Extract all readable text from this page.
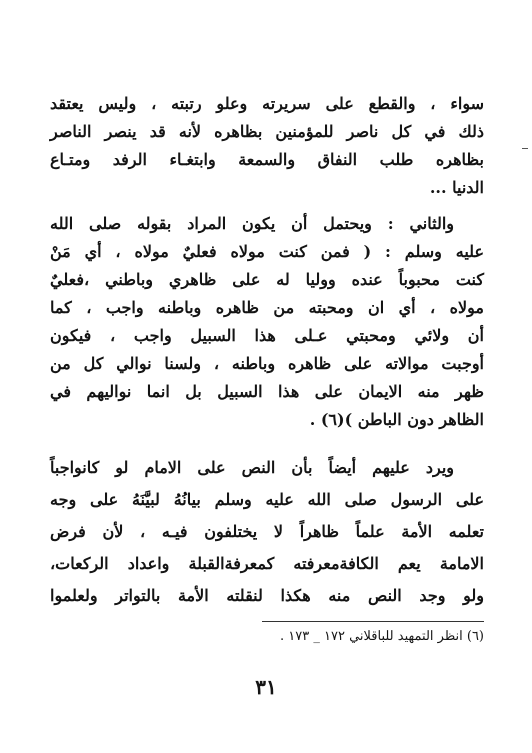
سواء ، والقطع على سريرته وعلو رتبته ، وليس يعتقد
ذلك في كل ناصر للمؤمنين بظاهره لأنه قد ينصر الناصر
بظاهره طلب النفاق والسمعة وابتغـاء الرفد ومتـاع
الدنيا ...
والثاني : ويحتمل أن يكون المراد بقوله صلى الله
عليه وسلم : ( فمن كنت مولاه فعليٌ مولاه ، أي مَنْ
كنت محبوباً عنده ووليا له على ظاهري وباطني ،فعليٌ
مولاه ، أي ان ومحبته من ظاهره وباطنه واجب ، كما
أن ولائي ومحبتي عـلى هذا السبيل واجب ، فيكون
أوجبت موالاته على ظاهره وباطنه ، ولسنا نوالي كل من
ظهر منه الايمان على هذا السبيل بل انما نواليهم في
الظاهر دون الباطن )(٦) .
ويرد عليهم أيضاً بأن النص على الامام لو كانواجباً
على الرسول صلى الله عليه وسلم بيانُهُ لبيَّنَهُ على وجه
تعلمه الأمة علماً ظاهراً لا يختلفون فيـه ، لأن فرض
الامامة يعم الكافةمعرفته كمعرفةالقبلة واعداد الركعات،
ولو وجد النص منه هكذا لنقلته الأمة بالتواتر ولعلموا
(٦) انظر التمهيد للباقلاني ١٧٢ _ ١٧٣ .
٣١
